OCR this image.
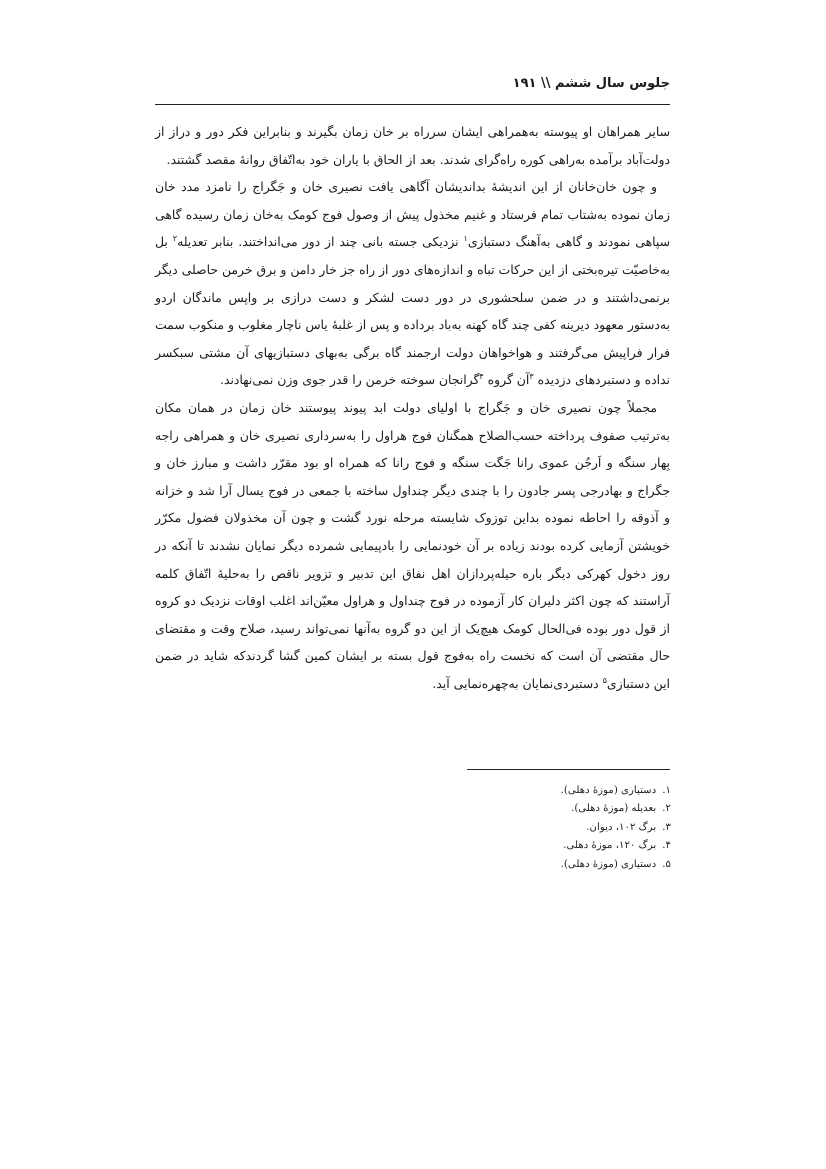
جلوس سال ششم \\ ۱۹۱

سایر همراهان او پیوسته به‌همراهی ایشان سرراه بر خان زمان بگیرند و بنابراین فکر دور و دراز از دولت‌آباد برآمده به‌راهی کوره راه‌گرای شدند. بعد از الحاق با یاران خود به‌اتّفاق روانهٔ مقصد گشتند.

و چون خان‌خانان از این اندیشهٔ بداندیشان آگاهی یافت نصیری خان و جَگراج را نامزد مدد خان زمان نموده به‌شتاب تمام فرستاد و غنیم مخذول پیش از وصول فوج کومک به‌خان زمان رسیده گاهی سپاهی نمودند و گاهی به‌آهنگ دستبازی$^۱$ نزدیکی جسته بانی چند از دور می‌انداختند. بنابر تعدیله$^۲$ بل به‌خاصیّت تیره‌بختی از این حرکات تباه و اندازه‌های دور از راه جز خار دامن و برق خرمن حاصلی دیگر برنمی‌داشتند و در ضمن سلحشوری در دور دست لشکر و دست درازی بر واپس ماندگان اردو به‌دستور معهود دیرینه کفی چند گاه کهنه به‌باد برداده و پس از غلبهٔ یاس ناچار مغلوب و منکوب سمت فرار فراپیش می‌گرفتند و هواخواهان دولت ارجمند گاه برگی به‌بهای دستبازیهای آن مشتی سبکسر نداده و دستبردهای دزدیده $^۳$آن گروه $^۴$گرانجان سوخته خرمن را قدر جوی وزن نمی‌نهادند.

مجملاً چون نصیری خان و جَگراج با اولیای دولت ابد پیوند پیوستند خان زمان در همان مکان به‌ترتیب صفوف پرداخته حسب‌الصلاح همگنان فوج هراول را به‌سرداری نصیری خان و همراهی راجه بِهار سنگه و اَرجُن عموی رانا جَگت سنگه و فوج رانا که همراه او بود مقرّر داشت و مبارز خان و جگراج و بهادرجی پسر جادون را با چندی دیگر چنداول ساخته با جمعی در فوج یسال آرا شد و خزانه و آذوقه را احاطه نموده بداین توزوک شایسته مرحله نورد گشت و چون آن مخذولان فضول مکرّر خویشتن آزمایی کرده بودند زیاده بر آن خودنمایی را بادپیمایی شمرده دیگر نمایان نشدند تا آنکه در روز دخول کهرکی دیگر باره حیله‌پردازان اهل نفاق این تدبیر و تزویر ناقص را به‌حلیهٔ اتّفاق کلمه آراستند که چون اکثر دلیران کار آزموده در فوج چنداول و هراول معیّن‌اند اغلب اوقات نزدیک دو کروه از قول دور بوده فی‌الحال کومک هیچ‌یک از این دو گروه به‌آنها نمی‌تواند رسید، صلاح وقت و مقتضای حال مقتضی آن است که نخست راه به‌فوج قول بسته بر ایشان کمین گشا گردندکه شاید در ضمن این دستبازی$^۵$ دستبردی‌نمایان به‌چهره‌نمایی آید.

۱.دستیاری (موزهٔ دهلی).
۲.بعدیله (موزهٔ دهلی).
۳.برگ ۱۰۲، دیوان.
۴.برگ ۱۲۰، موزهٔ دهلی.
۵.دستیاری (موزهٔ دهلی).
